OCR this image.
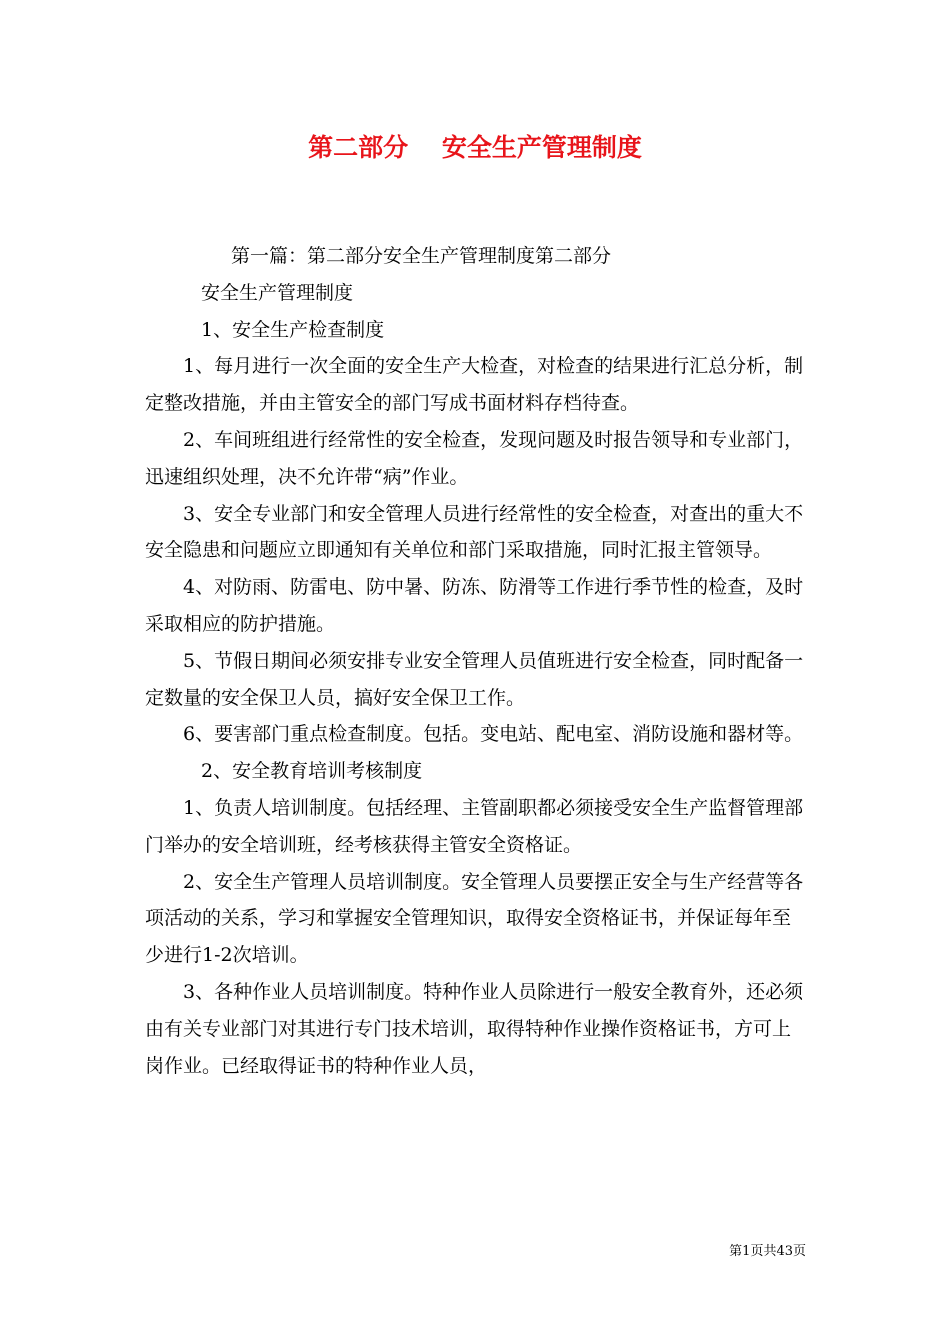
第二部分　 安全生产管理制度

第一篇：第二部分安全生产管理制度第二部分

安全生产管理制度

1、安全生产检查制度

1、每月进行一次全面的安全生产大检查，对检查的结果进行汇总分析，制定整改措施，并由主管安全的部门写成书面材料存档待查。

2、车间班组进行经常性的安全检查，发现问题及时报告领导和专业部门，迅速组织处理，决不允许带“病”作业。

3、安全专业部门和安全管理人员进行经常性的安全检查，对查出的重大不安全隐患和问题应立即通知有关单位和部门采取措施，同时汇报主管领导。

4、对防雨、防雷电、防中暑、防冻、防滑等工作进行季节性的检查，及时采取相应的防护措施。

5、节假日期间必须安排专业安全管理人员值班进行安全检查，同时配备一定数量的安全保卫人员，搞好安全保卫工作。

6、要害部门重点检查制度。包括。变电站、配电室、消防设施和器材等。

2、安全教育培训考核制度

1、负责人培训制度。包括经理、主管副职都必须接受安全生产监督管理部门举办的安全培训班，经考核获得主管安全资格证。

2、安全生产管理人员培训制度。安全管理人员要摆正安全与生产经营等各项活动的关系，学习和掌握安全管理知识，取得安全资格证书，并保证每年至少进行1-2次培训。

3、各种作业人员培训制度。特种作业人员除进行一般安全教育外，还必须由有关专业部门对其进行专门技术培训，取得特种作业操作资格证书，方可上岗作业。已经取得证书的特种作业人员，

第1页共43页
